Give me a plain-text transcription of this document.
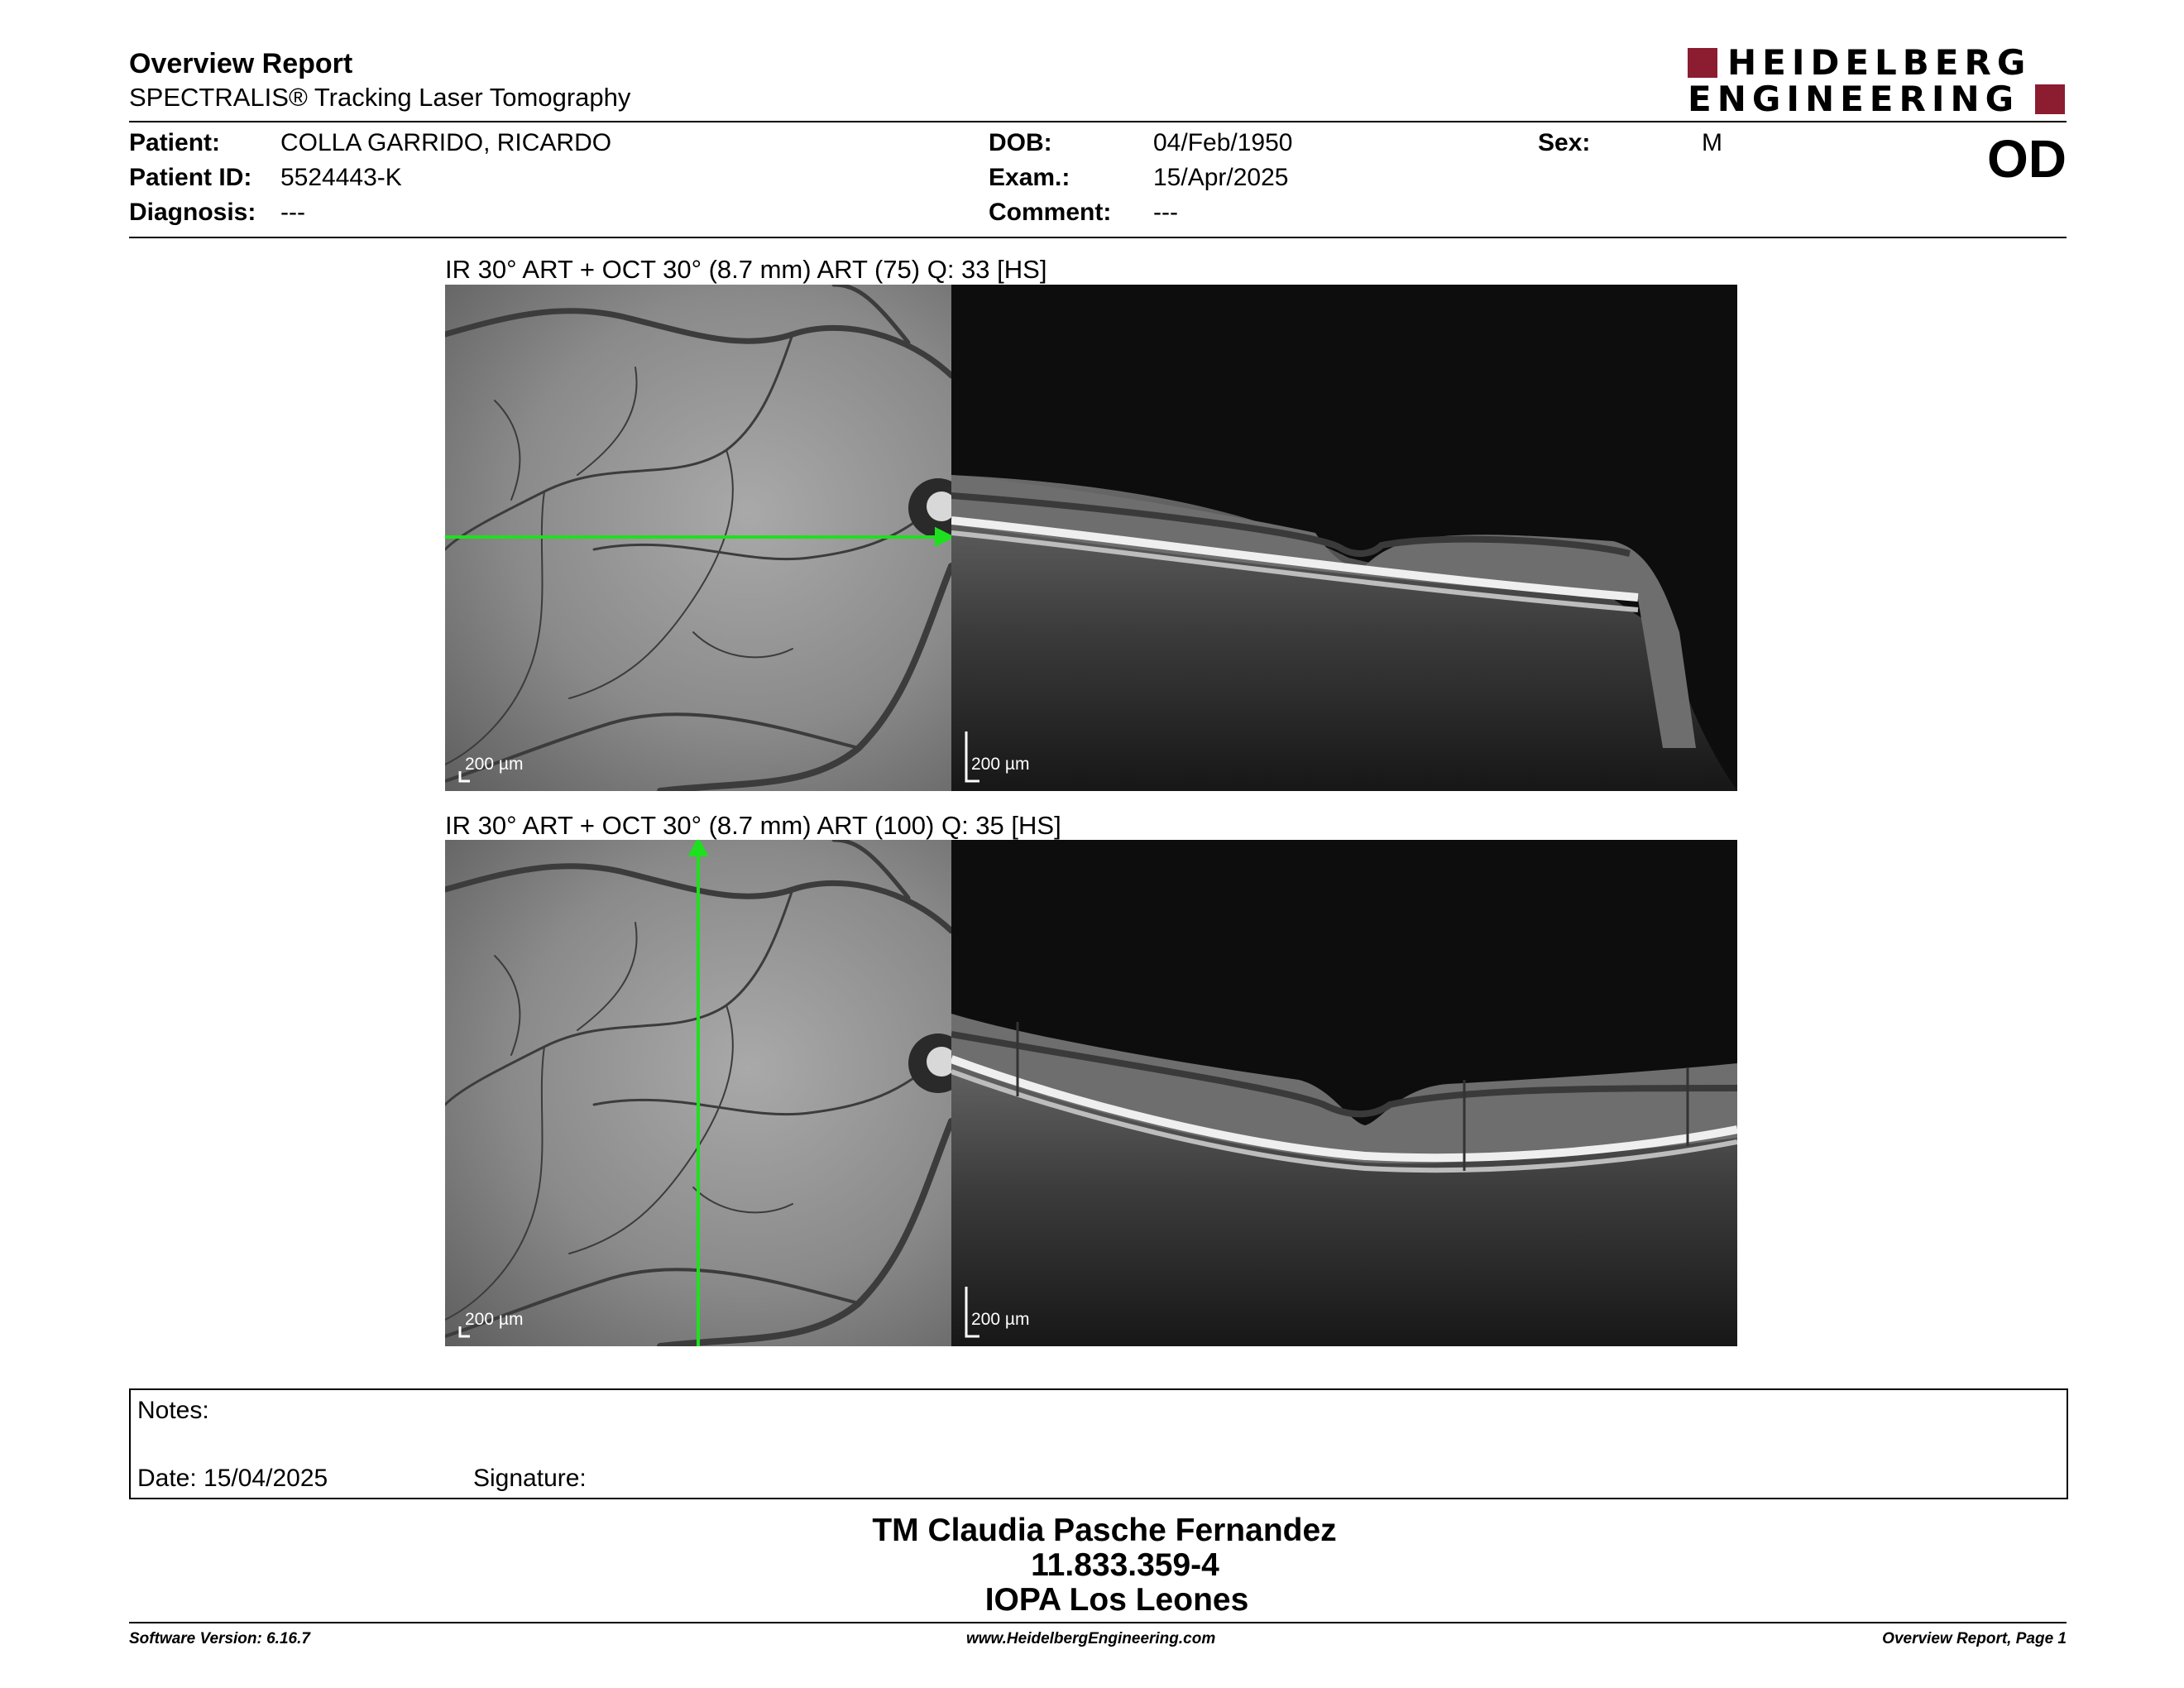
Overview Report
SPECTRALIS® Tracking Laser Tomography
HEIDELBERG
ENGINEERING
Patient: COLLA GARRIDO, RICARDO
Patient ID: 5524443-K
Diagnosis: ---
DOB:	04/Feb/1950
Exam.:	15/Apr/2025
Comment: ---
Sex:	M	OD
IR 30° ART + OCT 30° (8.7 mm) ART (75) Q: 33 [HS]
200 µm	200 µm
IR 30° ART + OCT 30° (8.7 mm) ART (100) Q: 35 [HS]
200 µm	200 µm
Notes:
Date: 15/04/2025	Signature:
TM Claudia Pasche Fernandez
11.833.359-4
IOPA Los Leones
Software Version: 6.16.7	www.HeidelbergEngineering.com	Overview Report, Page 1
